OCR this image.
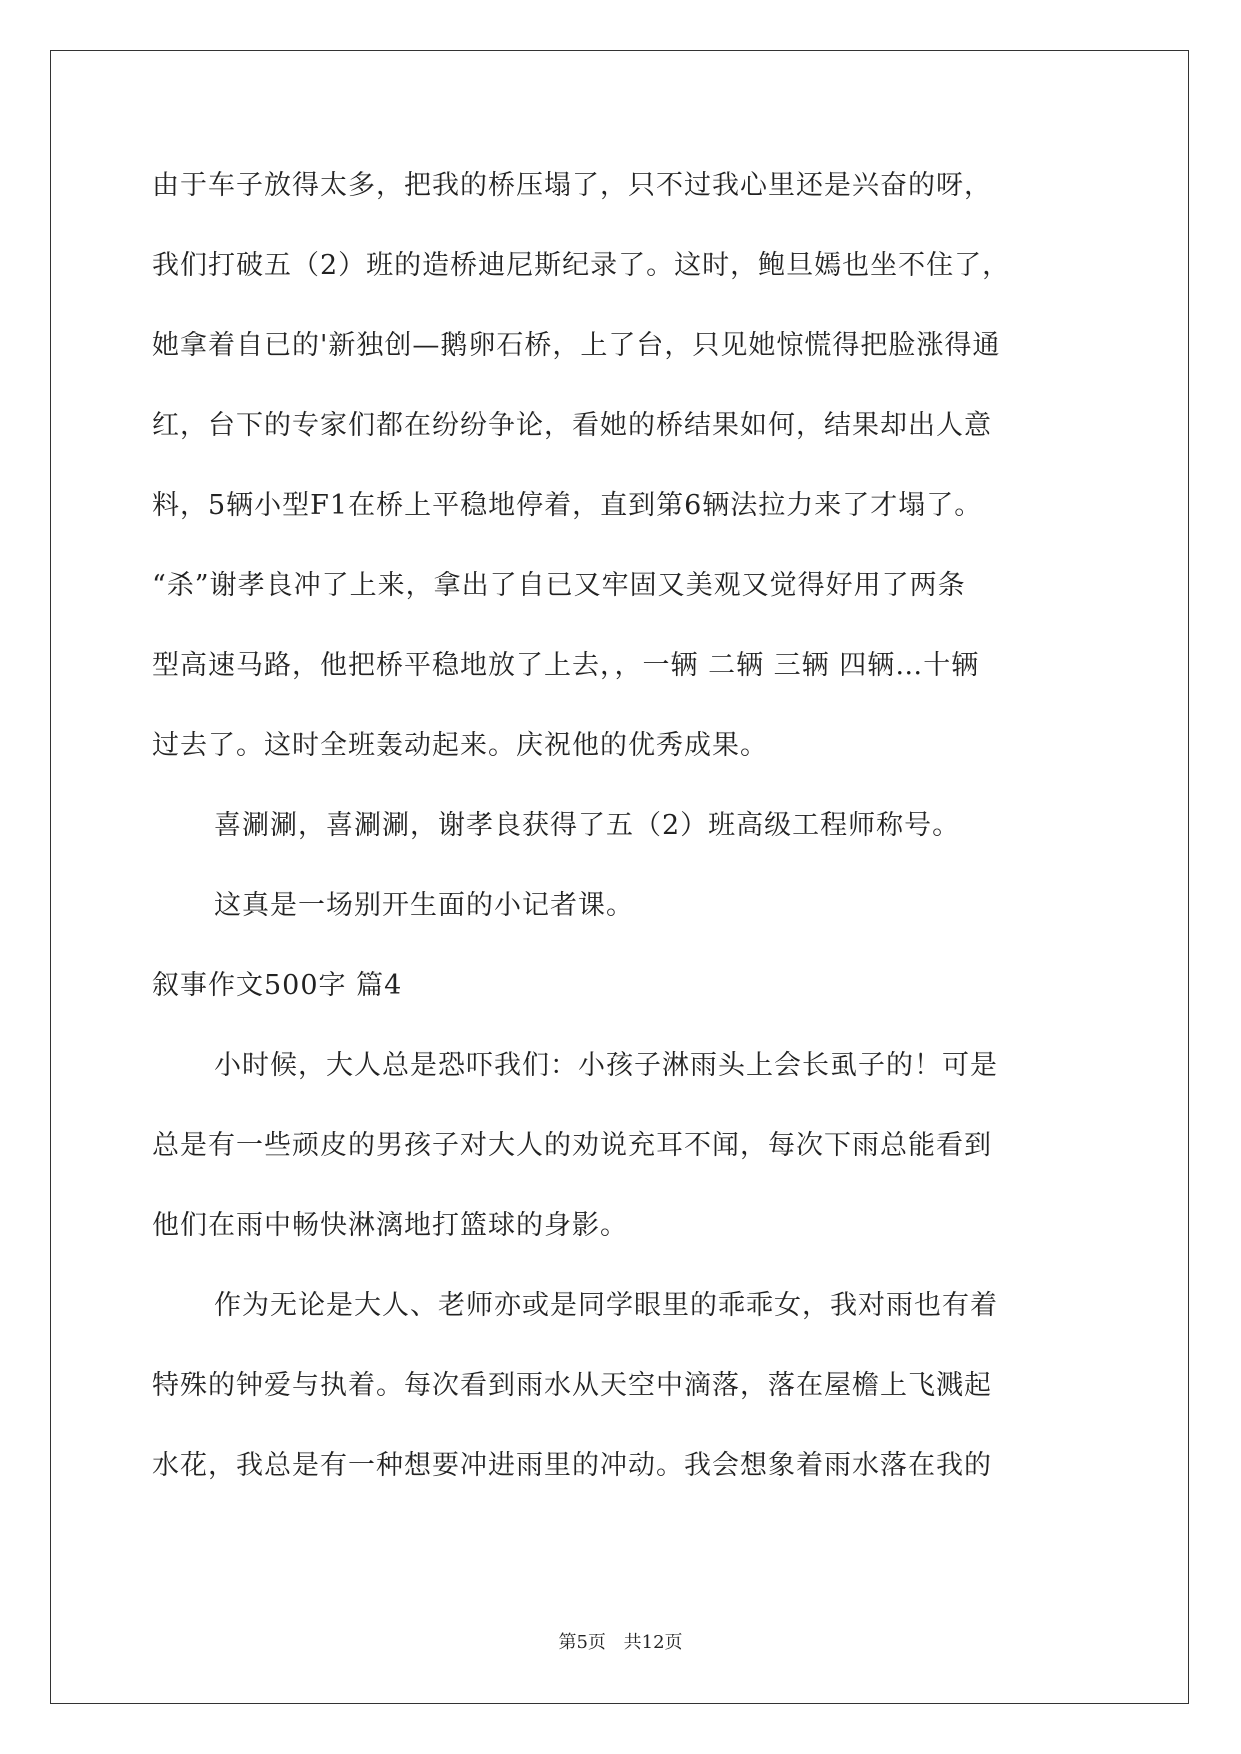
由于车子放得太多，把我的桥压塌了，只不过我心里还是兴奋的呀，
我们打破五（2）班的造桥迪尼斯纪录了。这时，鲍旦嫣也坐不住了，
她拿着自已的'新独创—鹅卵石桥，上了台，只见她惊慌得把脸涨得通
红，台下的专家们都在纷纷争论，看她的桥结果如何，结果却出人意
料，5辆小型F1在桥上平稳地停着，直到第6辆法拉力来了才塌了。
“杀”谢孝良冲了上来，拿出了自已又牢固又美观又觉得好用了两条
型高速马路，他把桥平稳地放了上去，，一辆 二辆 三辆 四辆…十辆
过去了。这时全班轰动起来。庆祝他的优秀成果。
喜涮涮，喜涮涮，谢孝良获得了五（2）班高级工程师称号。
这真是一场别开生面的小记者课。
叙事作文500字 篇4
小时候，大人总是恐吓我们：小孩子淋雨头上会长虱子的！可是
总是有一些顽皮的男孩子对大人的劝说充耳不闻，每次下雨总能看到
他们在雨中畅快淋漓地打篮球的身影。
作为无论是大人、老师亦或是同学眼里的乖乖女，我对雨也有着
特殊的钟爱与执着。每次看到雨水从天空中滴落，落在屋檐上飞溅起
水花，我总是有一种想要冲进雨里的冲动。我会想象着雨水落在我的
第5页 共12页
